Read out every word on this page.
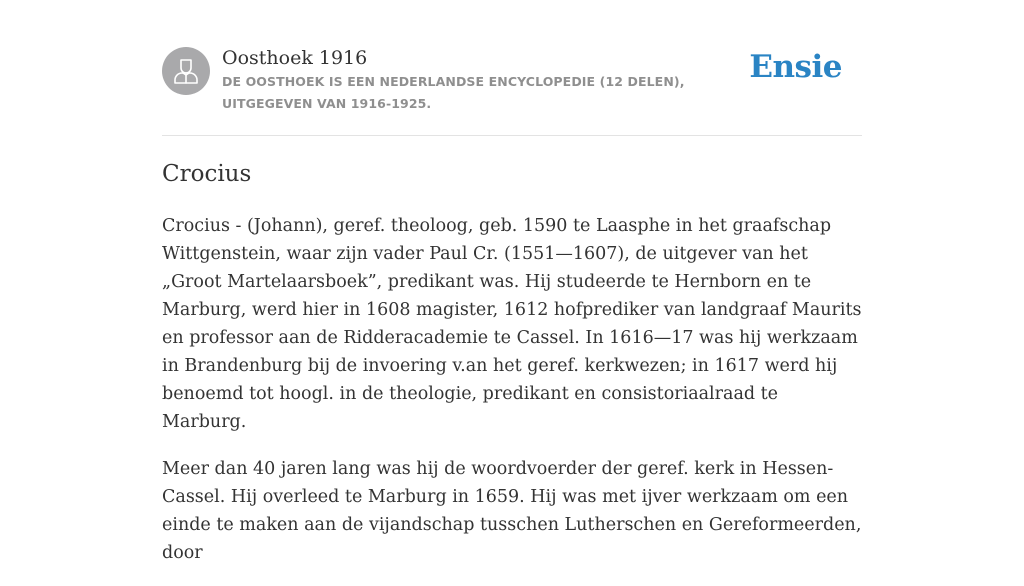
Oosthoek 1916
DE OOSTHOEK IS EEN NEDERLANDSE ENCYCLOPEDIE (12 DELEN), UITGEGEVEN VAN 1916-1925.
Ensie
Crocius

Crocius - (Johann), geref. theoloog, geb. 1590 te Laasphe in het graafschap Wittgenstein, waar zijn vader Paul Cr. (1551—1607), de uitgever van het „Groot Martelaarsboek”, predikant was. Hij studeerde te Hernborn en te Marburg, werd hier in 1608 magister, 1612 hofprediker van landgraaf Maurits en professor aan de Ridderacademie te Cassel. In 1616—17 was hij werkzaam in Brandenburg bij de invoering v.an het geref. kerkwezen; in 1617 werd hij benoemd tot hoogl. in de theologie, predikant en consistoriaalraad te Marburg.

Meer dan 40 jaren lang was hij de woordvoerder der geref. kerk in Hessen-Cassel. Hij overleed te Marburg in 1659. Hij was met ijver werkzaam om een einde te maken aan de vijandschap tusschen Lutherschen en Gereformeerden, door
